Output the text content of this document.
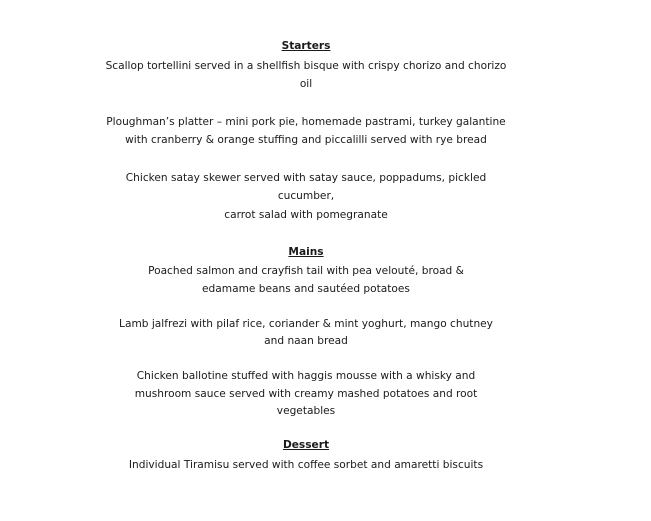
Starters
Scallop tortellini served in a shellfish bisque with crispy chorizo and chorizo
oil
Ploughman’s platter – mini pork pie, homemade pastrami, turkey galantine
with cranberry & orange stuffing and piccalilli served with rye bread
Chicken satay skewer served with satay sauce, poppadums, pickled
cucumber,
carrot salad with pomegranate
Mains
Poached salmon and crayfish tail with pea velouté, broad &
edamame beans and sautéed potatoes
Lamb jalfrezi with pilaf rice, coriander & mint yoghurt, mango chutney
and naan bread
Chicken ballotine stuffed with haggis mousse with a whisky and
mushroom sauce served with creamy mashed potatoes and root
vegetables
Dessert
Individual Tiramisu served with coffee sorbet and amaretti biscuits
